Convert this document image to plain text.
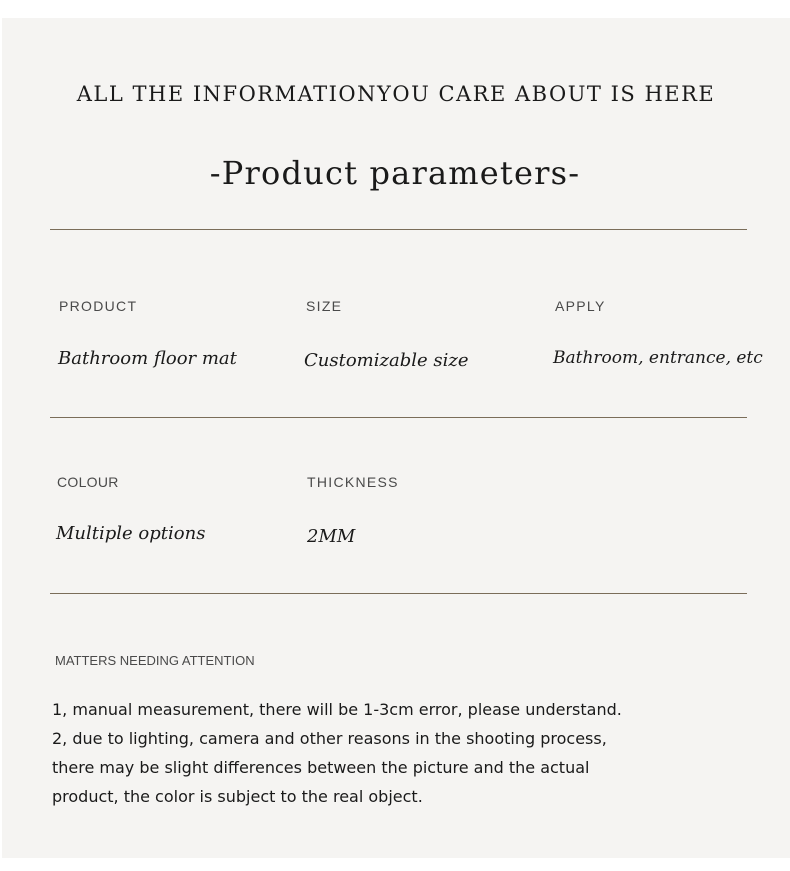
ALL THE INFORMATIONYOU CARE ABOUT IS HERE
-Product parameters-
PRODUCT
Bathroom floor mat
SIZE
Customizable size
APPLY
Bathroom, entrance, etc
COLOUR
Multiple options
THICKNESS
2MM
MATTERS NEEDING ATTENTION
1, manual measurement, there will be 1-3cm error, please understand.
2, due to lighting, camera and other reasons in the shooting process,
there may be slight differences between the picture and the actual
product, the color is subject to the real object.
